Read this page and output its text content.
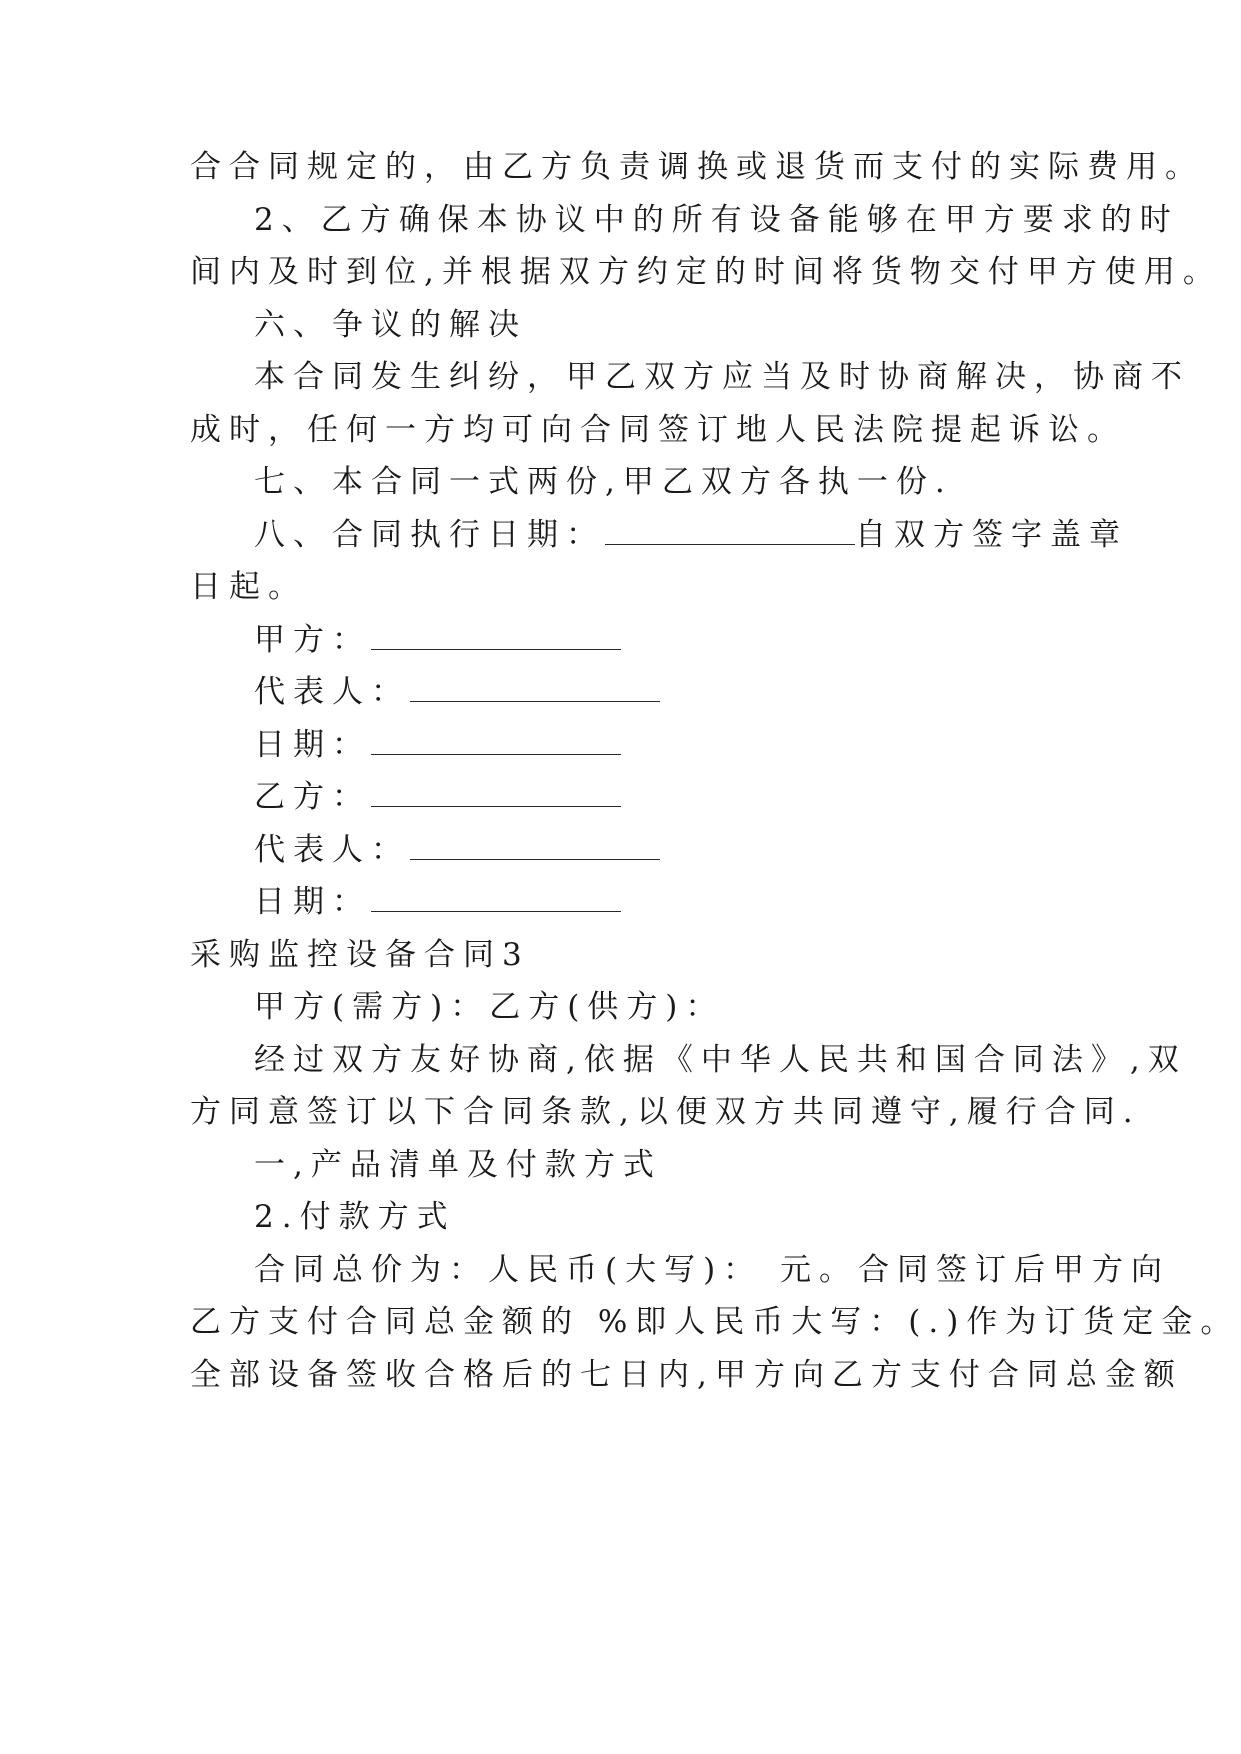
合合同规定的，由乙方负责调换或退货而支付的实际费用。
2、乙方确保本协议中的所有设备能够在甲方要求的时
间内及时到位,并根据双方约定的时间将货物交付甲方使用。
六、争议的解决
本合同发生纠纷，甲乙双方应当及时协商解决，协商不
成时，任何一方均可向合同签订地人民法院提起诉讼。
七、本合同一式两份,甲乙双方各执一份.
八、合同执行日期：	自双方签字盖章
日起。
甲方：
代表人：
日期：
乙方：
代表人：
日期：
采购监控设备合同3
甲方(需方)：乙方(供方)：
经过双方友好协商,依据《中华人民共和国合同法》,双
方同意签订以下合同条款,以便双方共同遵守,履行合同.
一,产品清单及付款方式
2.付款方式
合同总价为：人民币(大写)： 元。合同签订后甲方向
乙方支付合同总金额的 %即人民币大写：(.)作为订货定金。
全部设备签收合格后的七日内,甲方向乙方支付合同总金额
